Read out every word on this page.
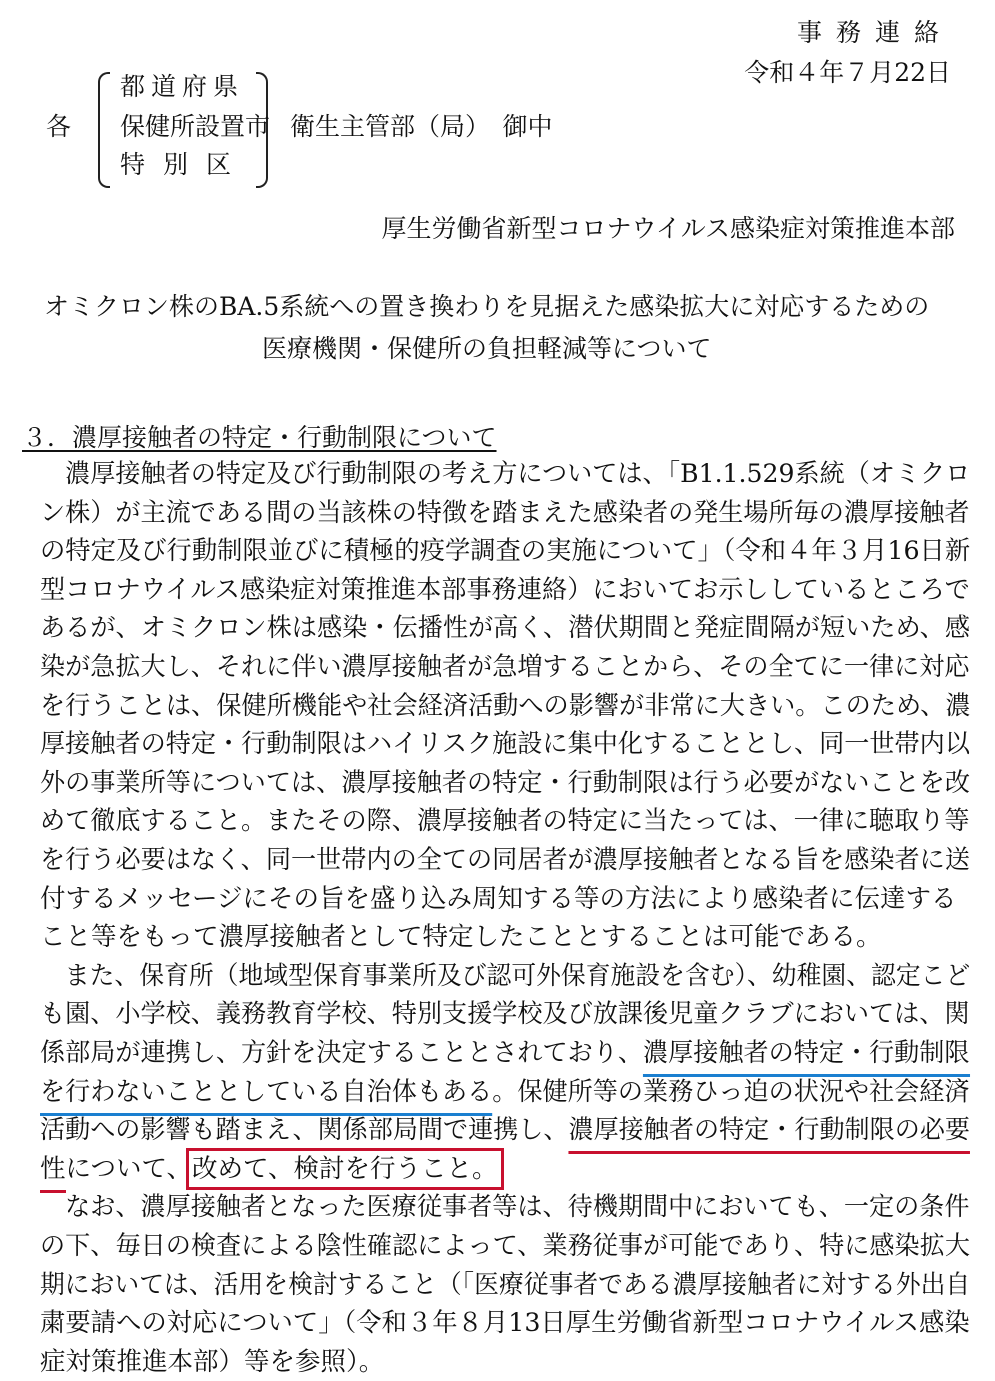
事務連絡
令和４年７月22日
各
都道府県
保健所設置市
特別区
衛生主管部（局）　御中
厚生労働省新型コロナウイルス感染症対策推進本部
オミクロン株のBA.5系統への置き換わりを見据えた感染拡大に対応するための
医療機関・保健所の負担軽減等について
３．濃厚接触者の特定・行動制限について
　濃厚接触者の特定及び行動制限の考え方については、「B1.1.529系統（オミクロ
ン株）が主流である間の当該株の特徴を踏まえた感染者の発生場所毎の濃厚接触者
の特定及び行動制限並びに積極的疫学調査の実施について」（令和４年３月16日新
型コロナウイルス感染症対策推進本部事務連絡）においてお示ししているところで
あるが、オミクロン株は感染・伝播性が高く、潜伏期間と発症間隔が短いため、感
染が急拡大し、それに伴い濃厚接触者が急増することから、その全てに一律に対応
を行うことは、保健所機能や社会経済活動への影響が非常に大きい。このため、濃
厚接触者の特定・行動制限はハイリスク施設に集中化することとし、同一世帯内以
外の事業所等については、濃厚接触者の特定・行動制限は行う必要がないことを改
めて徹底すること。またその際、濃厚接触者の特定に当たっては、一律に聴取り等
を行う必要はなく、同一世帯内の全ての同居者が濃厚接触者となる旨を感染者に送
付するメッセージにその旨を盛り込み周知する等の方法により感染者に伝達する
こと等をもって濃厚接触者として特定したこととすることは可能である。
　また、保育所（地域型保育事業所及び認可外保育施設を含む）、幼稚園、認定こど
も園、小学校、義務教育学校、特別支援学校及び放課後児童クラブにおいては、関
係部局が連携し、方針を決定することとされており、濃厚接触者の特定・行動制限
を行わないこととしている自治体もある。保健所等の業務ひっ迫の状況や社会経済
活動への影響も踏まえ、関係部局間で連携し、濃厚接触者の特定・行動制限の必要
性について、改めて、検討を行うこと。
　なお、濃厚接触者となった医療従事者等は、待機期間中においても、一定の条件
の下、毎日の検査による陰性確認によって、業務従事が可能であり、特に感染拡大
期においては、活用を検討すること（「医療従事者である濃厚接触者に対する外出自
粛要請への対応について」（令和３年８月13日厚生労働省新型コロナウイルス感染
症対策推進本部）等を参照）。
